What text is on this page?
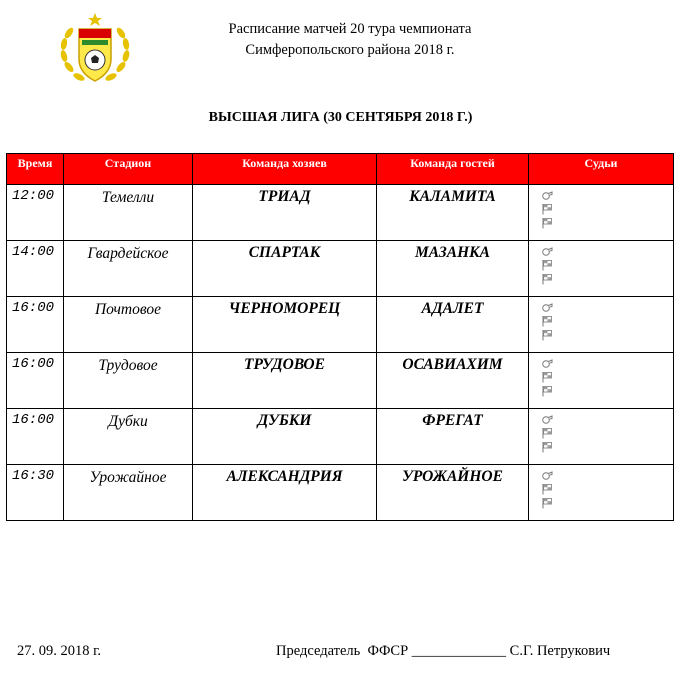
Расписание матчей 20 тура чемпионата
Симферопольского района 2018 г.
ВЫСШАЯ ЛИГА (30 СЕНТЯБРЯ 2018 Г.)
Время	Стадион	Команда хозяев	Команда гостей	Судьи
12:00	Темелли	ТРИАД	КАЛАМИТА	

14:00	Гвардейское	СПАРТАК	МАЗАНКА	

16:00	Почтовое	ЧЕРНОМОРЕЦ	АДАЛЕТ	

16:00	Трудовое	ТРУДОВОЕ	ОСАВИАХИМ	

16:00	Дубки	ДУБКИ	ФРЕГАТ	

16:30	Урожайное	АЛЕКСАНДРИЯ	УРОЖАЙНОЕ	
27. 09. 2018 г.	Председатель  ФФСР _____________ С.Г. Петрукович
